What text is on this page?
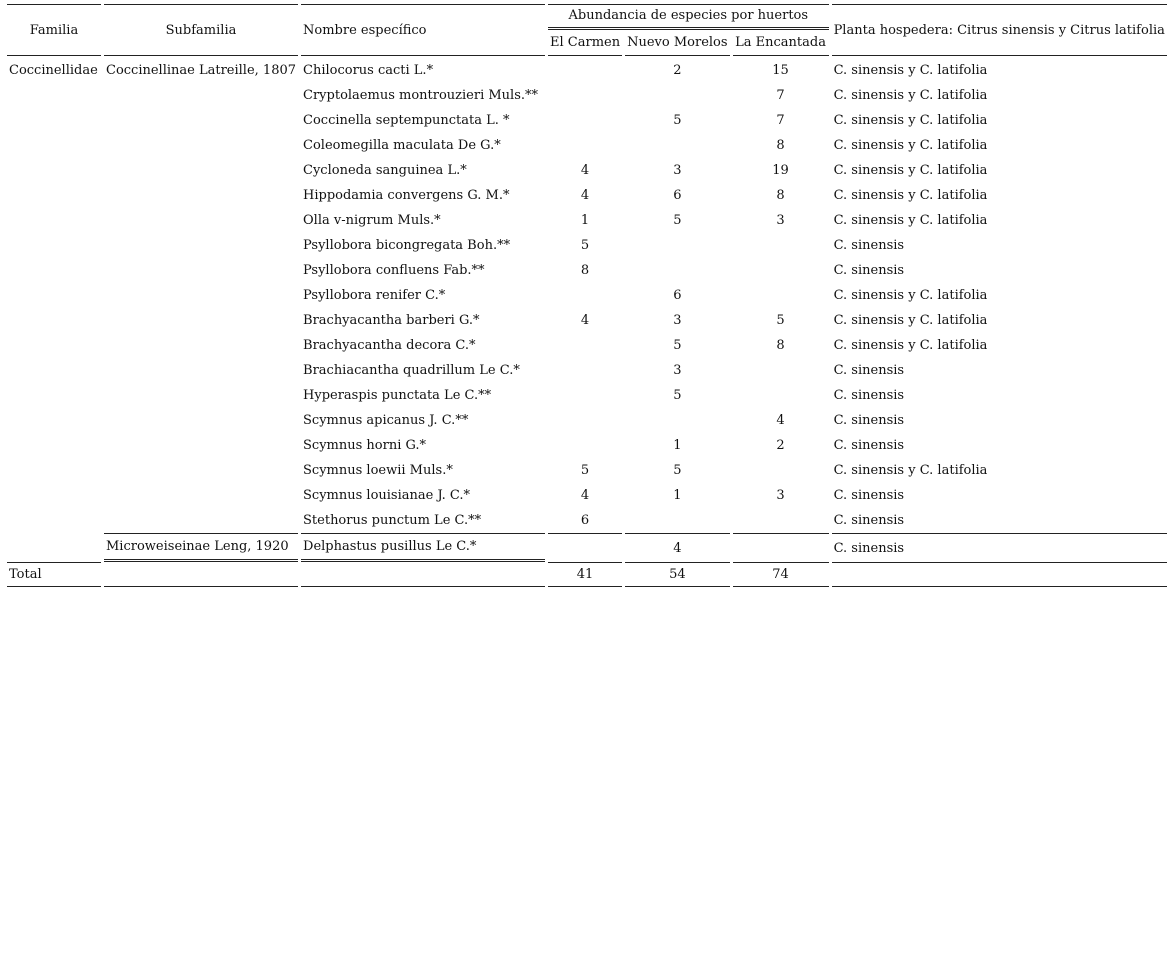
Familia	Subfamilia	Nombre específico	Abundancia de especies por huertos			Planta hospedera: Citrus sinensis y Citrus latifolia
			El Carmen	Nuevo Morelos	La Encantada	
Coccinellidae	Coccinellinae Latreille, 1807	Chilocorus cacti L.*		2	15	C. sinensis y C. latifolia
		Cryptolaemus montrouzieri Muls.**			7	C. sinensis y C. latifolia
		Coccinella septempunctata L. *		5	7	C. sinensis y C. latifolia
		Coleomegilla maculata De G.*			8	C. sinensis y C. latifolia
		Cycloneda sanguinea L.*	4	3	19	C. sinensis y C. latifolia
		Hippodamia convergens G. M.*	4	6	8	C. sinensis y C. latifolia
		Olla v-nigrum Muls.*	1	5	3	C. sinensis y C. latifolia
		Psyllobora bicongregata Boh.**	5			C. sinensis
		Psyllobora confluens Fab.**	8			C. sinensis
		Psyllobora renifer C.*		6		C. sinensis y C. latifolia
		Brachyacantha barberi G.*	4	3	5	C. sinensis y C. latifolia
		Brachyacantha decora C.*		5	8	C. sinensis y C. latifolia
		Brachiacantha quadrillum Le C.*		3		C. sinensis
		Hyperaspis punctata Le C.**		5		C. sinensis
		Scymnus apicanus J. C.**			4	C. sinensis
		Scymnus horni G.*		1	2	C. sinensis
		Scymnus loewii Muls.*	5	5		C. sinensis y C. latifolia
		Scymnus louisianae J. C.*	4	1	3	C. sinensis
		Stethorus punctum Le C.**	6			C. sinensis
	Microweiseinae Leng, 1920	Delphastus pusillus Le C.*		4		C. sinensis
Total			41	54	74	
